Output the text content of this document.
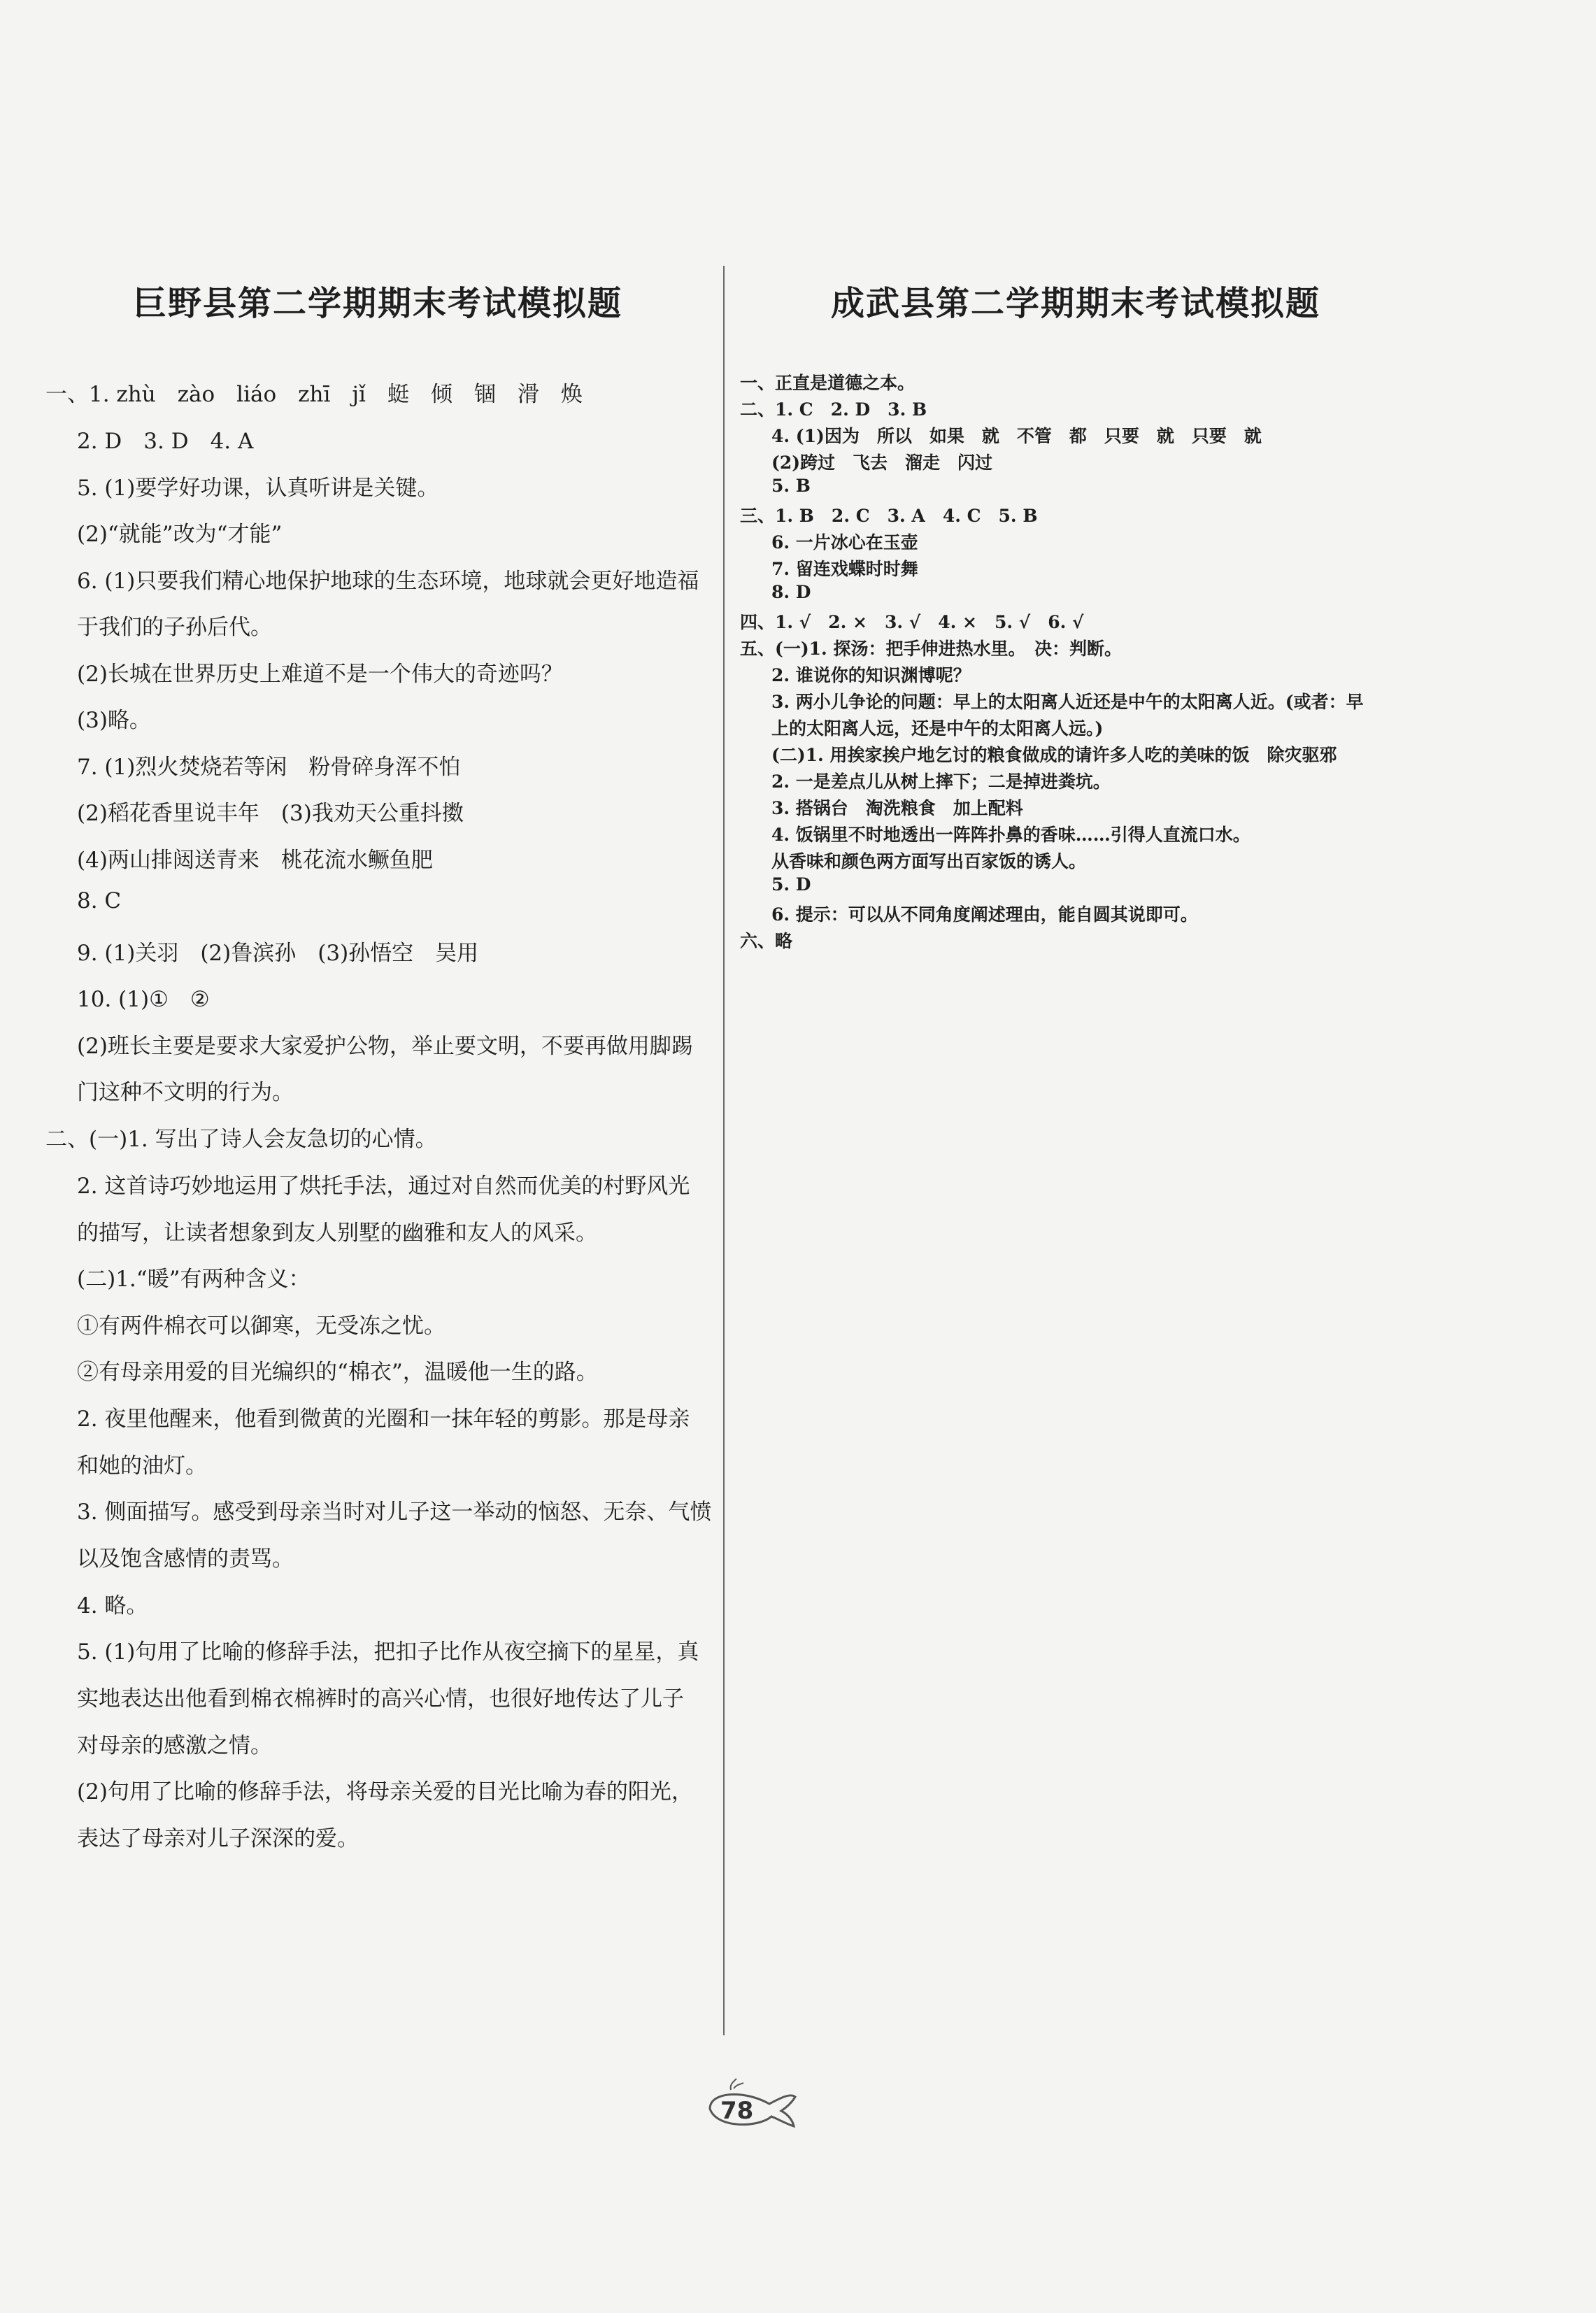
巨野县第二学期期末考试模拟题	成武县第二学期期末考试模拟题
一、1. zhù　zào　liáo　zhī　jǐ　蜓　倾　锢　滑　焕
2. D　3. D　4. A
5. (1)要学好功课，认真听讲是关键。
(2)“就能”改为“才能”
6. (1)只要我们精心地保护地球的生态环境，地球就会更好地造福
于我们的子孙后代。
(2)长城在世界历史上难道不是一个伟大的奇迹吗？
(3)略。
7. (1)烈火焚烧若等闲　粉骨碎身浑不怕
(2)稻花香里说丰年　(3)我劝天公重抖擞
(4)两山排闼送青来　桃花流水鳜鱼肥
8. C
9. (1)关羽　(2)鲁滨孙　(3)孙悟空　吴用
10. (1)①　②
(2)班长主要是要求大家爱护公物，举止要文明，不要再做用脚踢
门这种不文明的行为。
二、(一)1. 写出了诗人会友急切的心情。
2. 这首诗巧妙地运用了烘托手法，通过对自然而优美的村野风光
的描写，让读者想象到友人别墅的幽雅和友人的风采。
(二)1.“暖”有两种含义：
①有两件棉衣可以御寒，无受冻之忧。
②有母亲用爱的目光编织的“棉衣”，温暖他一生的路。
2. 夜里他醒来，他看到微黄的光圈和一抹年轻的剪影。那是母亲
和她的油灯。
3. 侧面描写。感受到母亲当时对儿子这一举动的恼怒、无奈、气愤
以及饱含感情的责骂。
4. 略。
5. (1)句用了比喻的修辞手法，把扣子比作从夜空摘下的星星，真
实地表达出他看到棉衣棉裤时的高兴心情，也很好地传达了儿子
对母亲的感激之情。
(2)句用了比喻的修辞手法，将母亲关爱的目光比喻为春的阳光，
表达了母亲对儿子深深的爱。
一、正直是道德之本。
二、1. C　2. D　3. B
4. (1)因为　所以　如果　就　不管　都　只要　就　只要　就
(2)跨过　飞去　溜走　闪过
5. B
三、1. B　2. C　3. A　4. C　5. B
6. 一片冰心在玉壶
7. 留连戏蝶时时舞
8. D
四、1. √　2. ×　3. √　4. ×　5. √　6. √
五、(一)1. 探汤：把手伸进热水里。　决：判断。
2. 谁说你的知识渊博呢？
3. 两小儿争论的问题：早上的太阳离人近还是中午的太阳离人近。(或者：早
上的太阳离人远，还是中午的太阳离人远。)
(二)1. 用挨家挨户地乞讨的粮食做成的请许多人吃的美味的饭　除灾驱邪
2. 一是差点儿从树上摔下；二是掉进粪坑。
3. 搭锅台　淘洗粮食　加上配料
4. 饭锅里不时地透出一阵阵扑鼻的香味……引得人直流口水。
从香味和颜色两方面写出百家饭的诱人。
5. D
6. 提示：可以从不同角度阐述理由，能自圆其说即可。
六、略
78
